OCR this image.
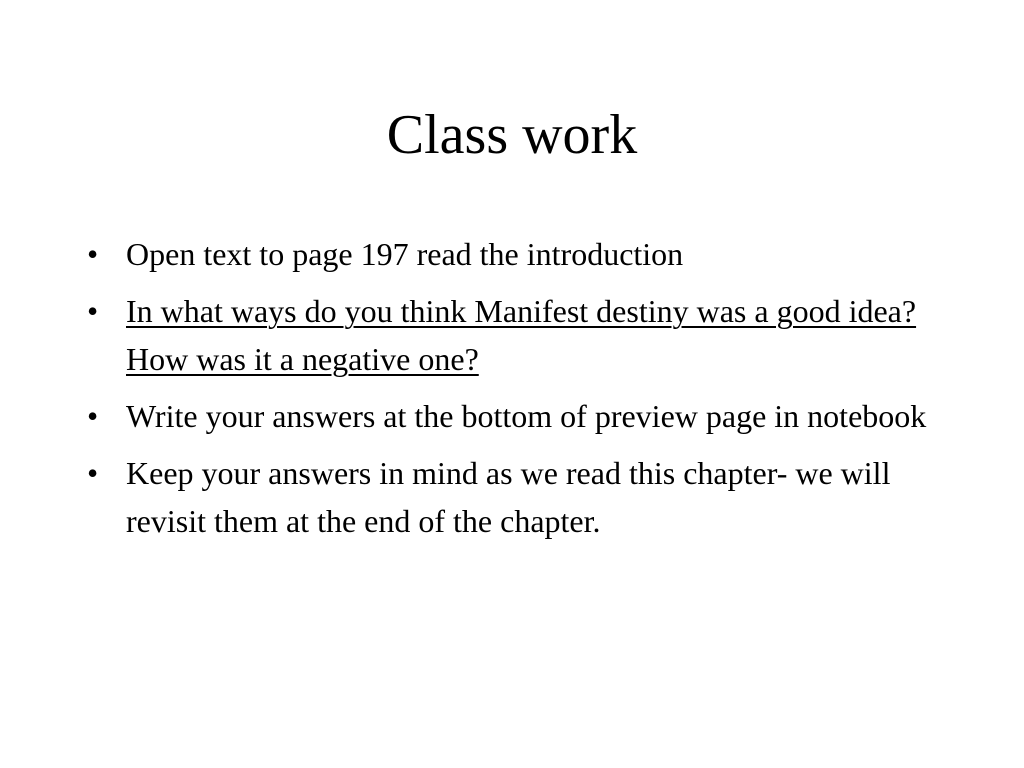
Class work
• Open text to page 197 read the introduction
• In what ways do you think Manifest destiny was a good idea? How was it a negative one?
• Write your answers at the bottom of preview page in notebook
• Keep your answers in mind as we read this chapter- we will revisit them at the end of the chapter.
